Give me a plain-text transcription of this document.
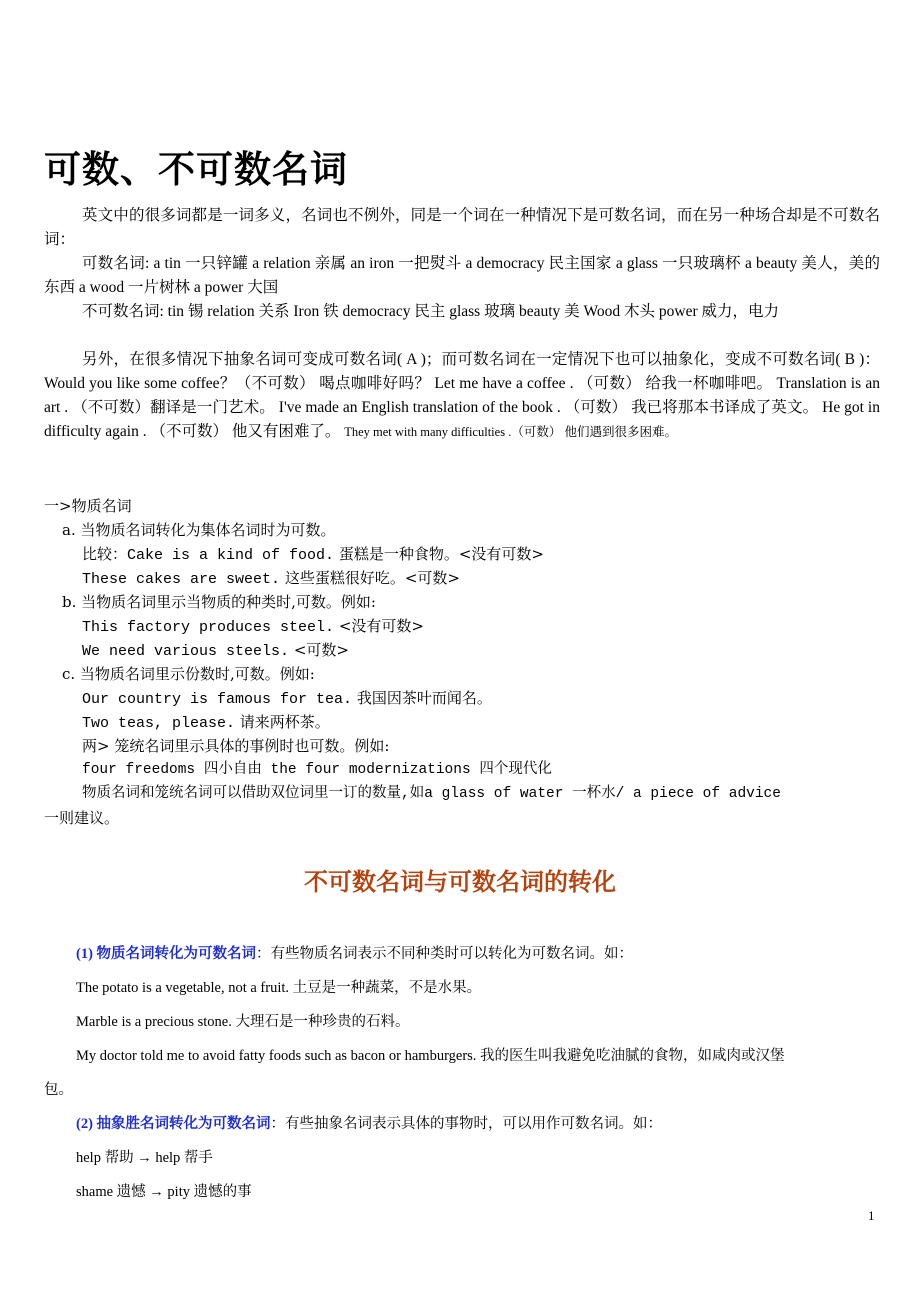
可数、不可数名词

英文中的很多词都是一词多义，名词也不例外，同是一个词在一种情况下是可数名词，而在另一种场合却是不可数名词：

可数名词: a tin 一只锌罐 a relation 亲属 an iron 一把熨斗 a democracy 民主国家 a glass 一只玻璃杯 a beauty 美人，美的东西 a wood 一片树林 a power 大国

不可数名词: tin 锡 relation 关系 Iron 铁 democracy 民主 glass 玻璃 beauty 美 Wood 木头 power 威力，电力

另外，在很多情况下抽象名词可变成可数名词( A )；而可数名词在一定情况下也可以抽象化，变成不可数名词( B )： Would you like some coffee？（不可数） 喝点咖啡好吗？ Let me have a coffee . （可数） 给我一杯咖啡吧。 Translation is an art . （不可数）翻译是一门艺术。 I've made an English translation of the book . （可数） 我已将那本书译成了英文。 He got in difficulty again . （不可数） 他又有困难了。 They met with many difficulties .（可数） 他们遇到很多困难。

一>物质名词

a. 当物质名词转化为集体名词时为可数。

比较：Cake is a kind of food. 蛋糕是一种食物。<没有可数>

These cakes are sweet. 这些蛋糕很好吃。<可数>

b. 当物质名词里示当物质的种类时,可数。例如:

This factory produces steel. <没有可数>

We need various steels. <可数>

c. 当物质名词里示份数时,可数。例如:

Our country is famous for tea. 我国因茶叶而闻名。

Two teas, please. 请来两杯茶。

两> 笼统名词里示具体的事例时也可数。例如:

four freedoms 四小自由 the four modernizations 四个现代化

物质名词和笼统名词可以借助双位词里一订的数量,如a glass of water 一杯水/ a piece of advice

一则建议。

不可数名词与可数名词的转化

(1) 物质名词转化为可数名词：有些物质名词表示不同种类时可以转化为可数名词。如：

The potato is a vegetable, not a fruit. 土豆是一种蔬菜，不是水果。

Marble is a precious stone. 大理石是一种珍贵的石料。

My doctor told me to avoid fatty foods such as bacon or hamburgers. 我的医生叫我避免吃油腻的食物，如咸肉或汉堡

包。

(2) 抽象胜名词转化为可数名词：有些抽象名词表示具体的事物时，可以用作可数名词。如：

help 帮助 → help 帮手

shame 遗憾 → pity 遗憾的事

1
